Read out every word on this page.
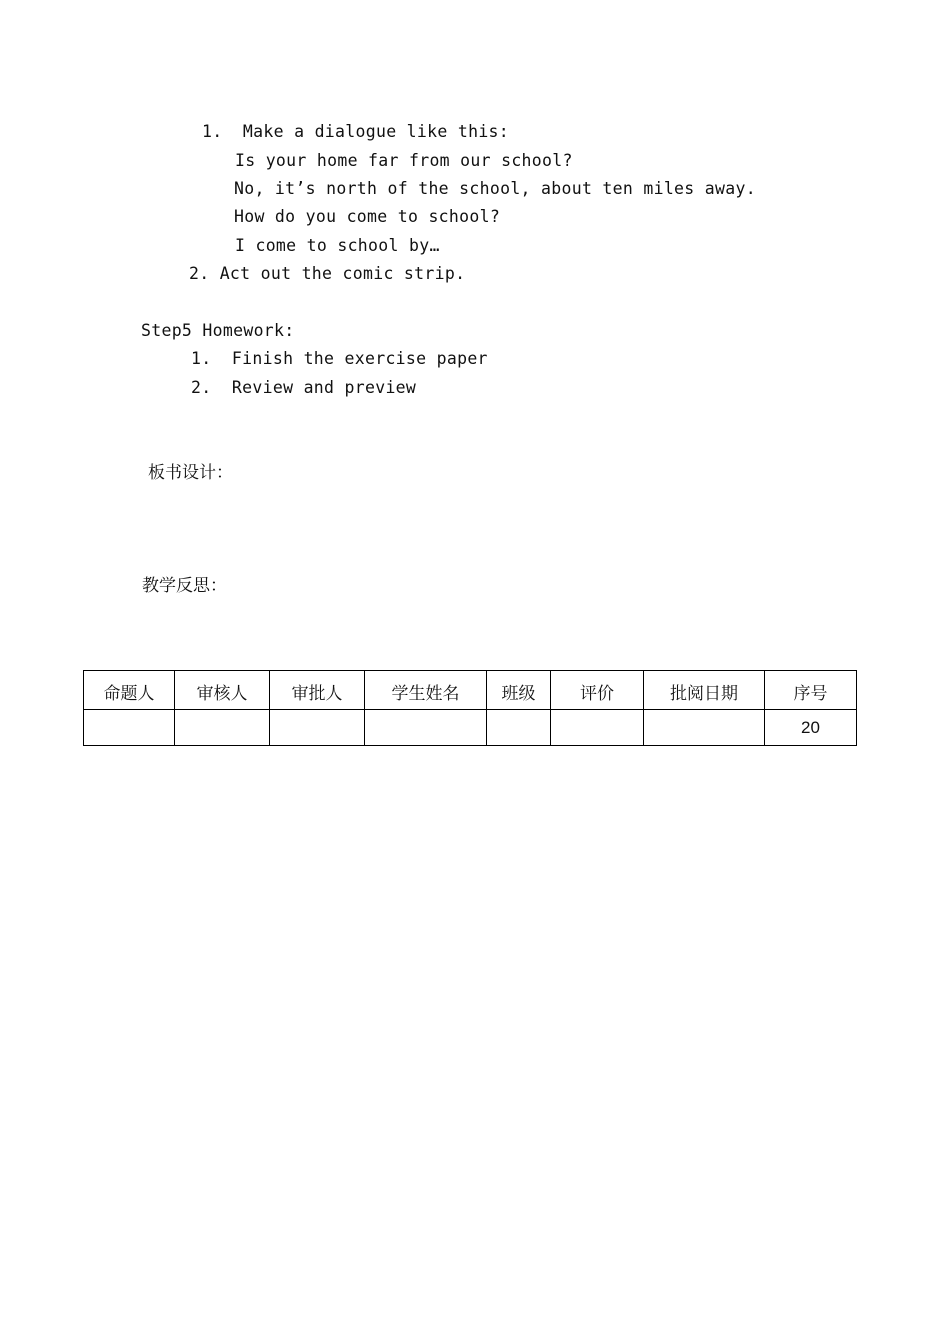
1.  Make a dialogue like this:
Is your home far from our school?
No, it’s north of the school, about ten miles away.
How do you come to school?
I come to school by…
2. Act out the comic strip.
Step5 Homework:
1.  Finish the exercise paper
2.  Review and preview
板书设计：
教学反思：
命题人	审核人	审批人	学生姓名	班级	评价	批阅日期	序号
							20
